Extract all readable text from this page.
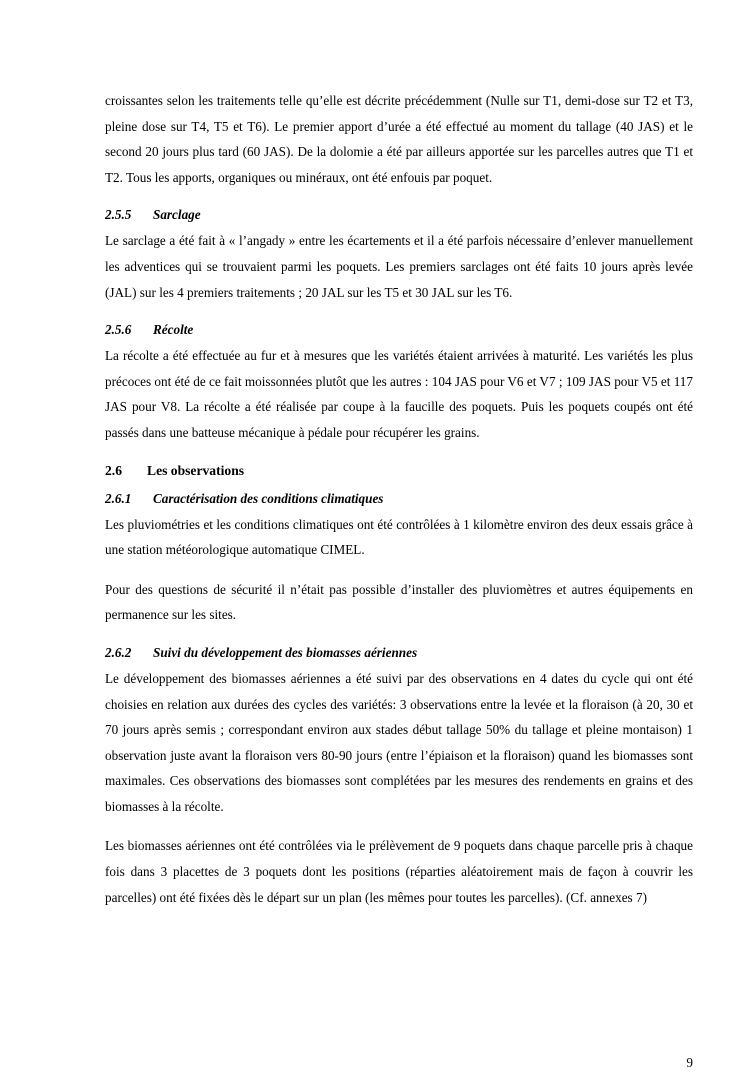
croissantes selon les traitements telle qu’elle est décrite précédemment (Nulle sur T1, demi-dose sur T2 et T3, pleine dose sur T4, T5 et T6). Le premier apport d’urée a été effectué au moment du tallage (40 JAS) et le second 20 jours plus tard (60 JAS). De la dolomie a été par ailleurs apportée sur les parcelles autres que T1 et T2. Tous les apports, organiques ou minéraux, ont été enfouis par poquet.

2.5.5 Sarclage

Le sarclage a été fait à « l’angady » entre les écartements et il a été parfois nécessaire d’enlever manuellement les adventices qui se trouvaient parmi les poquets. Les premiers sarclages ont été faits 10 jours après levée (JAL) sur les 4 premiers traitements ; 20 JAL sur les T5 et 30 JAL sur les T6.

2.5.6 Récolte

La récolte a été effectuée au fur et à mesures que les variétés étaient arrivées à maturité. Les variétés les plus précoces ont été de ce fait moissonnées plutôt que les autres : 104 JAS pour V6 et V7 ; 109 JAS pour V5 et 117 JAS pour V8. La récolte a été réalisée par coupe à la faucille des poquets. Puis les poquets coupés ont été passés dans une batteuse mécanique à pédale pour récupérer les grains.

2.6 Les observations
2.6.1 Caractérisation des conditions climatiques

Les pluviométries et les conditions climatiques ont été contrôlées à 1 kilomètre environ des deux essais grâce à une station météorologique automatique CIMEL.

Pour des questions de sécurité il n’était pas possible d’installer des pluviomètres et autres équipements en permanence sur les sites.

2.6.2 Suivi du développement des biomasses aériennes

Le développement des biomasses aériennes a été suivi par des observations en 4 dates du cycle qui ont été choisies en relation aux durées des cycles des variétés: 3 observations entre la levée et la floraison (à 20, 30 et 70 jours après semis ; correspondant environ aux stades début tallage 50% du tallage et pleine montaison) 1 observation juste avant la floraison vers 80-90 jours (entre l’épiaison et la floraison) quand les biomasses sont maximales. Ces observations des biomasses sont complétées par les mesures des rendements en grains et des biomasses à la récolte.

Les biomasses aériennes ont été contrôlées via le prélèvement de 9 poquets dans chaque parcelle pris à chaque fois dans 3 placettes de 3 poquets dont les positions (réparties aléatoirement mais de façon à couvrir les parcelles) ont été fixées dès le départ sur un plan (les mêmes pour toutes les parcelles). (Cf. annexes 7)

9
